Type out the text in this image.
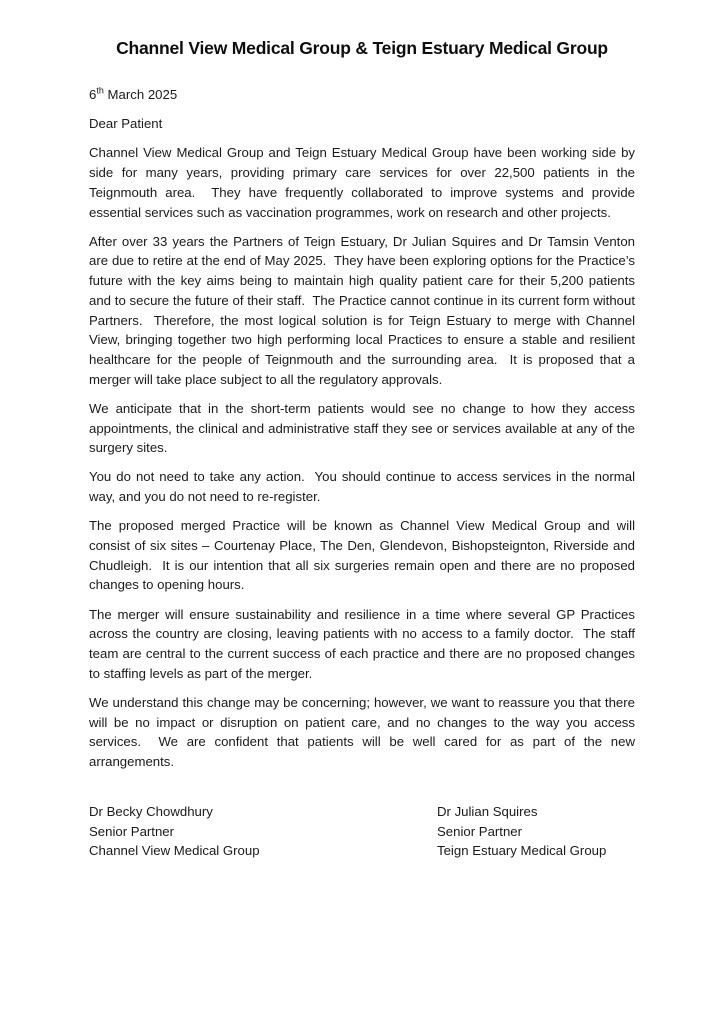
Channel View Medical Group & Teign Estuary Medical Group

6th March 2025

Dear Patient

Channel View Medical Group and Teign Estuary Medical Group have been working side by side for many years, providing primary care services for over 22,500 patients in the Teignmouth area.  They have frequently collaborated to improve systems and provide essential services such as vaccination programmes, work on research and other projects.

After over 33 years the Partners of Teign Estuary, Dr Julian Squires and Dr Tamsin Venton are due to retire at the end of May 2025.  They have been exploring options for the Practice’s future with the key aims being to maintain high quality patient care for their 5,200 patients and to secure the future of their staff.  The Practice cannot continue in its current form without Partners.  Therefore, the most logical solution is for Teign Estuary to merge with Channel View, bringing together two high performing local Practices to ensure a stable and resilient healthcare for the people of Teignmouth and the surrounding area.  It is proposed that a merger will take place subject to all the regulatory approvals.

We anticipate that in the short-term patients would see no change to how they access appointments, the clinical and administrative staff they see or services available at any of the surgery sites.

You do not need to take any action.  You should continue to access services in the normal way, and you do not need to re-register.

The proposed merged Practice will be known as Channel View Medical Group and will consist of six sites – Courtenay Place, The Den, Glendevon, Bishopsteignton, Riverside and Chudleigh.  It is our intention that all six surgeries remain open and there are no proposed changes to opening hours.

The merger will ensure sustainability and resilience in a time where several GP Practices across the country are closing, leaving patients with no access to a family doctor.  The staff team are central to the current success of each practice and there are no proposed changes to staffing levels as part of the merger.

We understand this change may be concerning; however, we want to reassure you that there will be no impact or disruption on patient care, and no changes to the way you access services.  We are confident that patients will be well cared for as part of the new arrangements.

Dr Becky Chowdhury
Senior Partner
Channel View Medical Group
Dr Julian Squires
Senior Partner
Teign Estuary Medical Group
